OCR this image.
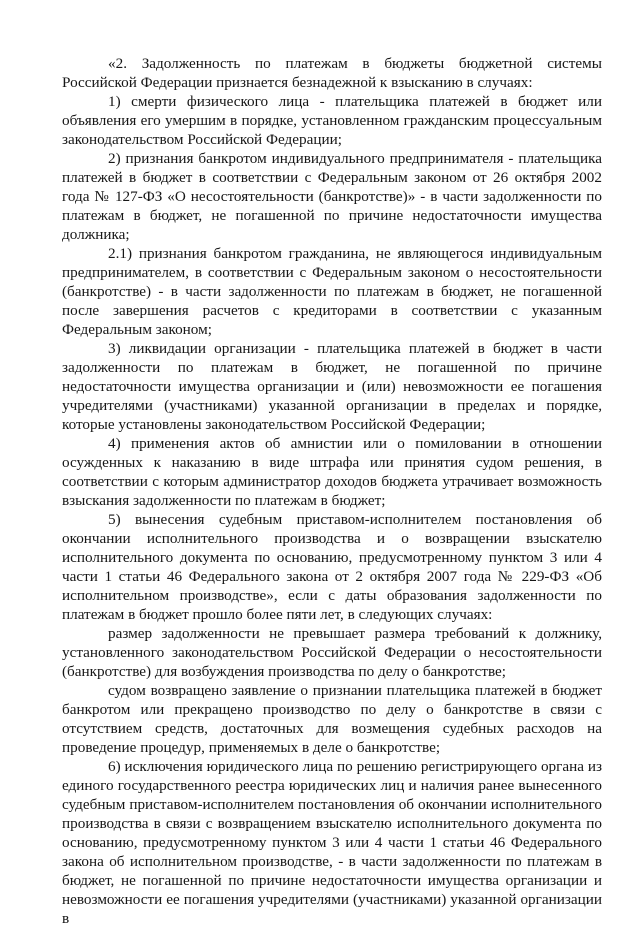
«2. Задолженность по платежам в бюджеты бюджетной системы Российской Федерации признается безнадежной к взысканию в случаях:

1) смерти физического лица - плательщика платежей в бюджет или объявления его умершим в порядке, установленном гражданским процессуальным законодательством Российской Федерации;

2) признания банкротом индивидуального предпринимателя - плательщика платежей в бюджет в соответствии с Федеральным законом от 26 октября 2002 года № 127-ФЗ «О несостоятельности (банкротстве)» - в части задолженности по платежам в бюджет, не погашенной по причине недостаточности имущества должника;

2.1) признания банкротом гражданина, не являющегося индивидуальным предпринимателем, в соответствии с Федеральным законом о несостоятельности (банкротстве) - в части задолженности по платежам в бюджет, не погашенной после завершения расчетов с кредиторами в соответствии с указанным Федеральным законом;

3) ликвидации организации - плательщика платежей в бюджет в части задолженности по платежам в бюджет, не погашенной по причине недостаточности имущества организации и (или) невозможности ее погашения учредителями (участниками) указанной организации в пределах и порядке, которые установлены законодательством Российской Федерации;

4) применения актов об амнистии или о помиловании в отношении осужденных к наказанию в виде штрафа или принятия судом решения, в соответствии с которым администратор доходов бюджета утрачивает возможность взыскания задолженности по платежам в бюджет;

5) вынесения судебным приставом-исполнителем постановления об окончании исполнительного производства и о возвращении взыскателю исполнительного документа по основанию, предусмотренному пунктом 3 или 4 части 1 статьи 46 Федерального закона от 2 октября 2007 года № 229-ФЗ «Об исполнительном производстве», если с даты образования задолженности по платежам в бюджет прошло более пяти лет, в следующих случаях:

размер задолженности не превышает размера требований к должнику, установленного законодательством Российской Федерации о несостоятельности (банкротстве) для возбуждения производства по делу о банкротстве;

судом возвращено заявление о признании плательщика платежей в бюджет банкротом или прекращено производство по делу о банкротстве в связи с отсутствием средств, достаточных для возмещения судебных расходов на проведение процедур, применяемых в деле о банкротстве;

6) исключения юридического лица по решению регистрирующего органа из единого государственного реестра юридических лиц и наличия ранее вынесенного судебным приставом-исполнителем постановления об окончании исполнительного производства в связи с возвращением взыскателю исполнительного документа по основанию, предусмотренному пунктом 3 или 4 части 1 статьи 46 Федерального закона об исполнительном производстве, - в части задолженности по платежам в бюджет, не погашенной по причине недостаточности имущества организации и невозможности ее погашения учредителями (участниками) указанной организации в
